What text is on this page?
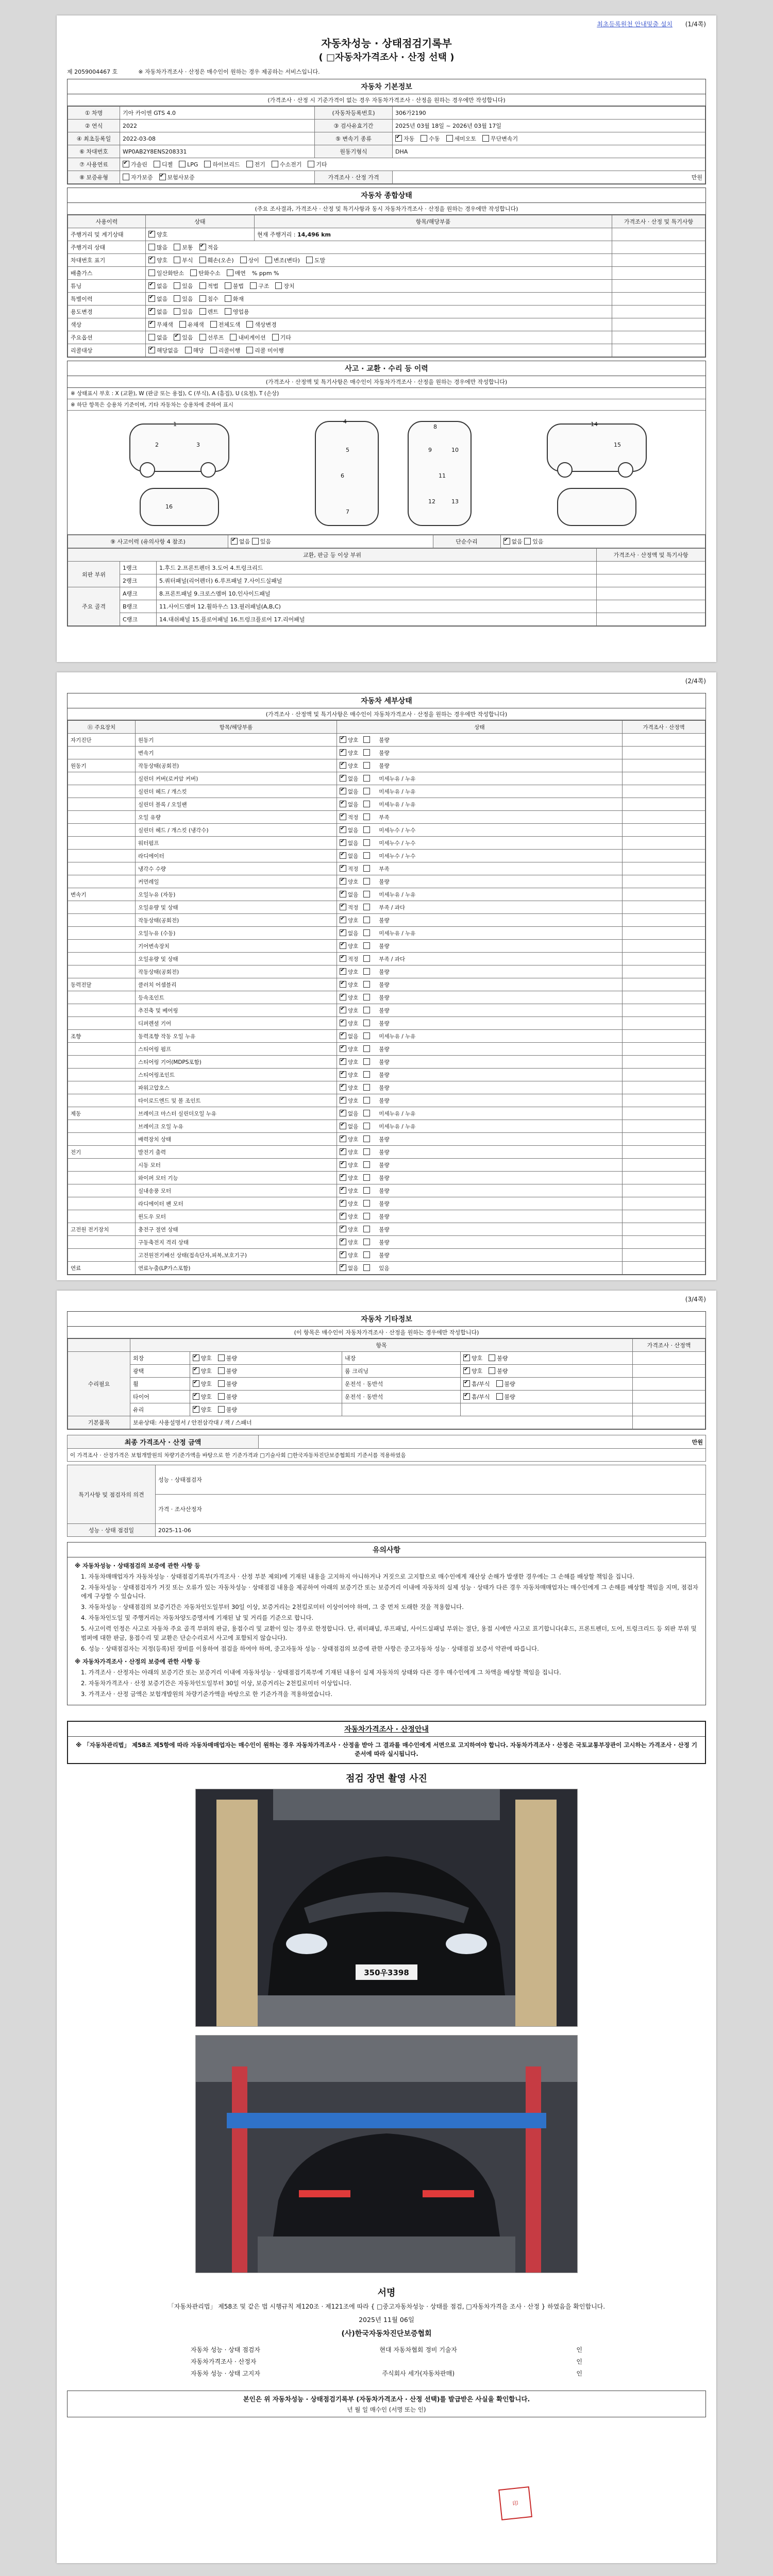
최초등록원천 안내및출 설치 (1/4쪽)
자동차성능 · 상태점검기록부
( □자동차가격조사 · 산정 선택 )
제 2059004467 호	※ 자동차가격조사 · 산정은 매수인이 원하는 경우 제공하는 서비스입니다.
자동차 기본정보
(가격조사 · 산정 시 기준가격이 없는 경우 자동차가격조사 · 산정을 원하는 경우에만 작성합니다)
① 차명	기아 카이엔 GTS 4.0	(자동차등록번호)	306가2190
② 연식	2022	③ 검사유효기간	2025년 03월 18일 ~ 2026년 03월 17일
④ 최초등록일	2022-03-08	⑤ 변속기 종류	✔자동 수동 세미오토 무단변속기
⑥ 차대번호	WP0AB2Y8ENS208331	원동기형식	DHA
⑦ 사용연료	✔가솔린 디젤 LPG 하이브리드 전기 수소전기 기타
⑧ 보증유형	자가보증 ✔ 보험사보증	가격조사 · 산정 가격	만원
자동차 종합상태
(주요 조사결과, 가격조사 · 산정 및 특기사항과 동시 자동차가격조사 · 산정을 원하는 경우에만 작성합니다)
사용이력	상태	항목/해당부품	가격조사 · 산정 및 특기사항
주행거리 및 계기상태	✔양호	현재 주행거리 : 14,496 km	
주행거리 상태	많음 보통 ✔ 적음	
차대번호 표기	✔양호 부식 훼손(오손) 상이 변조(변타) 도말	
배출가스	일산화탄소 탄화수소 매연 % ppm %		
튜닝	✔없음 있음 적법 불법 구조 장치	
특별이력	✔없음 있음 침수 화재	
용도변경	✔없음 있음 렌트 영업용	
색상	✔무채색 유채색 전체도색 색상변경	
주요옵션	없음 ✔ 있음 선루프 내비게이션 기타	
리콜대상	✔해당없음 해당 리콜이행 리콜 미이행	
사고 · 교환 · 수리 등 이력
(가격조사 · 산정액 및 특기사항은 매수인이 자동차가격조사 · 산정을 원하는 경우에만 작성합니다)
※ 상태표시 부호 : X (교환), W (판금 또는 용접), C (부식), A (흠집), U (요철), T (손상)
※ 하단 항목은 승용차 기준이며, 기타 자동차는 승용차에 준하여 표시
1
2	3
4
5
6
7
8
9	10
11
12	13
14
15
16
⑨ 사고이력 (유의사항 4 참조)	✔없음 있음	단순수리	✔없음 있음
교환, 판금 등 이상 부위			가격조사 · 산정액 및 특기사항
외판 부위	1랭크	1.후드 2.프론트펜더 3.도어 4.트렁크리드	
	2랭크	5.쿼터패널(리어펜더) 6.루프패널 7.사이드실패널	
주요 골격	A랭크	8.프론트패널 9.크로스멤버 10.인사이드패널	
	B랭크	11.사이드멤버 12.휠하우스 13.필러패널(A,B,C)	
	C랭크	14.대쉬패널 15.플로어패널 16.트렁크플로어 17.리어패널	
(2/4쪽)
자동차 세부상태
(가격조사 · 산정액 및 특기사항은 매수인이 자동차가격조사 · 산정을 원하는 경우에만 작성합니다)
⑪ 주요장치	항목/해당부품	상태	가격조사 · 산정액
자기진단	원동기	✔양호 불량	
	변속기	✔양호 불량	
원동기	작동상태(공회전)	✔양호 불량	
	실린더 커버(로커암 커버)	✔없음 미세누유 / 누유	
	실린더 헤드 / 개스킷	✔없음 미세누유 / 누유	
	실린더 블록 / 오일팬	✔없음 미세누유 / 누유	
	오일 유량	✔적정 부족	
	실린더 헤드 / 개스킷 (냉각수)	✔없음 미세누수 / 누수	
	워터펌프	✔없음 미세누수 / 누수	
	라디에이터	✔없음 미세누수 / 누수	
	냉각수 수량	✔적정 부족	
	커먼레일	✔양호 불량	
변속기	오일누유 (자동)	✔없음 미세누유 / 누유	
	오일유량 및 상태	✔적정 부족 / 과다	
	작동상태(공회전)	✔양호 불량	
	오일누유 (수동)	✔없음 미세누유 / 누유	
	기어변속장치	✔양호 불량	
	오일유량 및 상태	✔적정 부족 / 과다	
	작동상태(공회전)	✔양호 불량	
동력전달	클러치 어셈블리	✔양호 불량	
	등속조인트	✔양호 불량	
	추진축 및 베어링	✔양호 불량	
	디퍼렌셜 기어	✔양호 불량	
조향	동력조향 작동 오일 누유	✔없음 미세누유 / 누유	
	스티어링 펌프	✔양호 불량	
	스티어링 기어(MDPS포함)	✔양호 불량	
	스티어링조인트	✔양호 불량	
	파워고압호스	✔양호 불량	
	타이로드엔드 및 볼 조인트	✔양호 불량	
제동	브레이크 마스터 실린더오일 누유	✔없음 미세누유 / 누유	
	브레이크 오일 누유	✔없음 미세누유 / 누유	
	배력장치 상태	✔양호 불량	
전기	발전기 출력	✔양호 불량	
	시동 모터	✔양호 불량	
	와이퍼 모터 기능	✔양호 불량	
	실내송풍 모터	✔양호 불량	
	라디에이터 팬 모터	✔양호 불량	
	윈도우 모터	✔양호 불량	
고전원 전기장치	충전구 절연 상태	✔양호 불량	
	구동축전지 격리 상태	✔양호 불량	
	고전원전기배선 상태(접속단자,피복,보호기구)	✔양호 불량	
연료	연료누출(LP가스포함)	✔없음 있음	
(3/4쪽)
자동차 기타정보
(이 항목은 매수인이 자동차가격조사 · 산정을 원하는 경우에만 작성합니다)
	항목				가격조사 · 산정액
수리필요	외장	✔양호 불량	내장	✔양호 불량	
	광택	✔양호 불량	룸 크리닝	✔양호 불량	
	휠	✔양호 불량	운전석 · 동반석	✔흠/부식 불량	
	타이어	✔양호 불량	운전석 · 동반석	✔흠/부식 불량	
	유리	✔양호 불량			
기본품목	보유상태: 사용설명서 / 안전삼각대 / 잭 / 스패너				
최종 가격조사 · 산정 금액	만원
이 가격조사 · 산정가격은 보험개발원의 차량기준가액을 바탕으로 한 기준가격과 □기술사회 □한국자동차진단보증협회의 기준서를 적용하였음
특기사항 및 점검자의 의견	성능 · 상태점검자
	가격 · 조사산정자
성능 · 상태 점검일	2025-11-06
유의사항
※ 자동차성능 · 상태점검의 보증에 관한 사항 등
1. 자동차매매업자가 자동차성능 · 상태점검기록부(가격조사 · 산정 부분 제외)에 기재된 내용을 고지하지 아니하거나 거짓으로 고지함으로 매수인에게 재산상 손해가 발생한 경우에는 그 손해를 배상할 책임을 집니다.
2. 자동차성능 · 상태점검자가 거짓 또는 오류가 있는 자동차성능 · 상태점검 내용을 제공하여 아래의 보증기간 또는 보증거리 이내에 자동차의 실제 성능 · 상태가 다른 경우 자동차매매업자는 매수인에게 그 손해를 배상할 책임을 지며, 점검자에게 구상할 수 있습니다.
3. 자동차성능 · 상태점검의 보증기간은 자동차인도일부터 30일 이상, 보증거리는 2천킬로미터 이상이어야 하며, 그 중 먼저 도래한 것을 적용합니다.
4. 자동차인도일 및 주행거리는 자동차양도증명서에 기재된 날 및 거리를 기준으로 합니다.
5. 사고이력 인정은 사고로 자동차 주요 골격 부위의 판금, 용접수리 및 교환이 있는 경우로 한정합니다. 단, 쿼터패널, 루프패널, 사이드실패널 부위는 절단, 용접 시에만 사고로 표기합니다(후드, 프론트펜더, 도어, 트렁크리드 등 외판 부위 및 범퍼에 대한 판금, 용접수리 및 교환은 단순수리로서 사고에 포함되지 않습니다).
6. 성능 · 상태점검자는 지정(등록)된 장비를 이용하여 점검을 하여야 하며, 중고자동차 성능 · 상태점검의 보증에 관한 사항은 중고자동차 성능 · 상태점검 보증서 약관에 따릅니다.
※ 자동차가격조사 · 산정의 보증에 관한 사항 등
1. 가격조사 · 산정자는 아래의 보증기간 또는 보증거리 이내에 자동차성능 · 상태점검기록부에 기재된 내용이 실제 자동차의 상태와 다른 경우 매수인에게 그 차액을 배상할 책임을 집니다.
2. 자동차가격조사 · 산정 보증기간은 자동차인도일부터 30일 이상, 보증거리는 2천킬로미터 이상입니다.
3. 가격조사 · 산정 금액은 보험개발원의 차량기준가액을 바탕으로 한 기준가격을 적용하였습니다.
자동차가격조사 · 산정안내
※ 「자동차관리법」 제58조 제5항에 따라 자동차매매업자는 매수인이 원하는 경우 자동차가격조사 · 산정을 받아 그 결과를 매수인에게 서면으로 고지하여야 합니다. 자동차가격조사 · 산정은 국토교통부장관이 고시하는 가격조사 · 산정 기준서에 따라 실시됩니다.
점검 장면 촬영 사진
350우3398
서명
「자동차관리법」 제58조 및 같은 법 시행규칙 제120조 · 제121조에 따라 { □중고자동차성능 · 상태를 점검, □자동차가격을 조사 · 산정 } 하였음을 확인합니다.
2025년 11월 06일
(사)한국자동차진단보증협회
자동차 성능 · 상태 점검자	현대 자동차협회 정비 기술자	인
자동차가격조사 · 산정자	인
자동차 성능 · 상태 고지자	주식회사 세가(자동차판매)	인
印
본인은 위 자동차성능 · 상태점검기록부 (자동차가격조사 · 산정 선택)를 발급받은 사실을 확인합니다.
년 월 일 매수인 (서명 또는 인)
